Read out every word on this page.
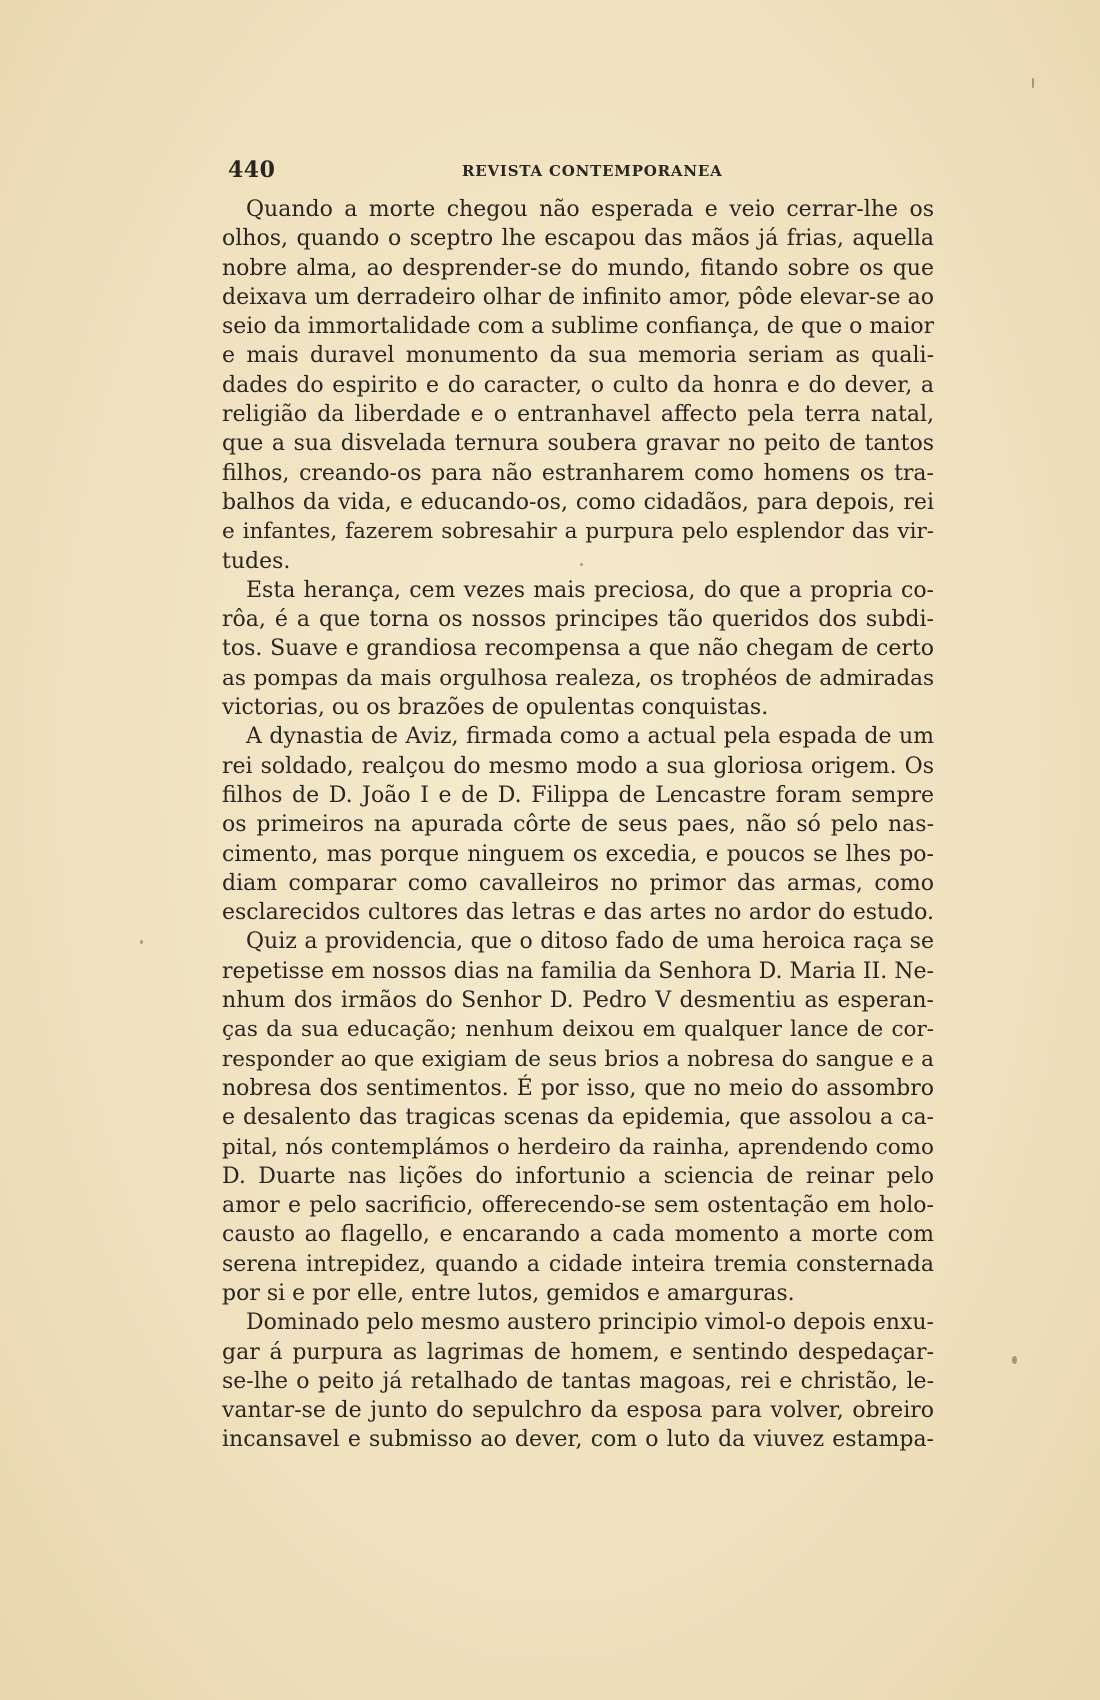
440	REVISTA CONTEMPORANEA
Quando a morte chegou não esperada e veio cerrar-lhe os
olhos, quando o sceptro lhe escapou das mãos já frias, aquella
nobre alma, ao desprender-se do mundo, fitando sobre os que
deixava um derradeiro olhar de infinito amor, pôde elevar-se ao
seio da immortalidade com a sublime confiança, de que o maior
e mais duravel monumento da sua memoria seriam as quali-
dades do espirito e do caracter, o culto da honra e do dever, a
religião da liberdade e o entranhavel affecto pela terra natal,
que a sua disvelada ternura soubera gravar no peito de tantos
filhos, creando-os para não estranharem como homens os tra-
balhos da vida, e educando-os, como cidadãos, para depois, rei
e infantes, fazerem sobresahir a purpura pelo esplendor das vir-
tudes.
Esta herança, cem vezes mais preciosa, do que a propria co-
rôa, é a que torna os nossos principes tão queridos dos subdi-
tos. Suave e grandiosa recompensa a que não chegam de certo
as pompas da mais orgulhosa realeza, os trophéos de admiradas
victorias, ou os brazões de opulentas conquistas.
A dynastia de Aviz, firmada como a actual pela espada de um
rei soldado, realçou do mesmo modo a sua gloriosa origem. Os
filhos de D. João I e de D. Filippa de Lencastre foram sempre
os primeiros na apurada côrte de seus paes, não só pelo nas-
cimento, mas porque ninguem os excedia, e poucos se lhes po-
diam comparar como cavalleiros no primor das armas, como
esclarecidos cultores das letras e das artes no ardor do estudo.
Quiz a providencia, que o ditoso fado de uma heroica raça se
repetisse em nossos dias na familia da Senhora D. Maria II. Ne-
nhum dos irmãos do Senhor D. Pedro V desmentiu as esperan-
ças da sua educação; nenhum deixou em qualquer lance de cor-
responder ao que exigiam de seus brios a nobresa do sangue e a
nobresa dos sentimentos. É por isso, que no meio do assombro
e desalento das tragicas scenas da epidemia, que assolou a ca-
pital, nós contemplámos o herdeiro da rainha, aprendendo como
D. Duarte nas lições do infortunio a sciencia de reinar pelo
amor e pelo sacrificio, offerecendo-se sem ostentação em holo-
causto ao flagello, e encarando a cada momento a morte com
serena intrepidez, quando a cidade inteira tremia consternada
por si e por elle, entre lutos, gemidos e amarguras.
Dominado pelo mesmo austero principio vimol-o depois enxu-
gar á purpura as lagrimas de homem, e sentindo despedaçar-
se-lhe o peito já retalhado de tantas magoas, rei e christão, le-
vantar-se de junto do sepulchro da esposa para volver, obreiro
incansavel e submisso ao dever, com o luto da viuvez estampa-
